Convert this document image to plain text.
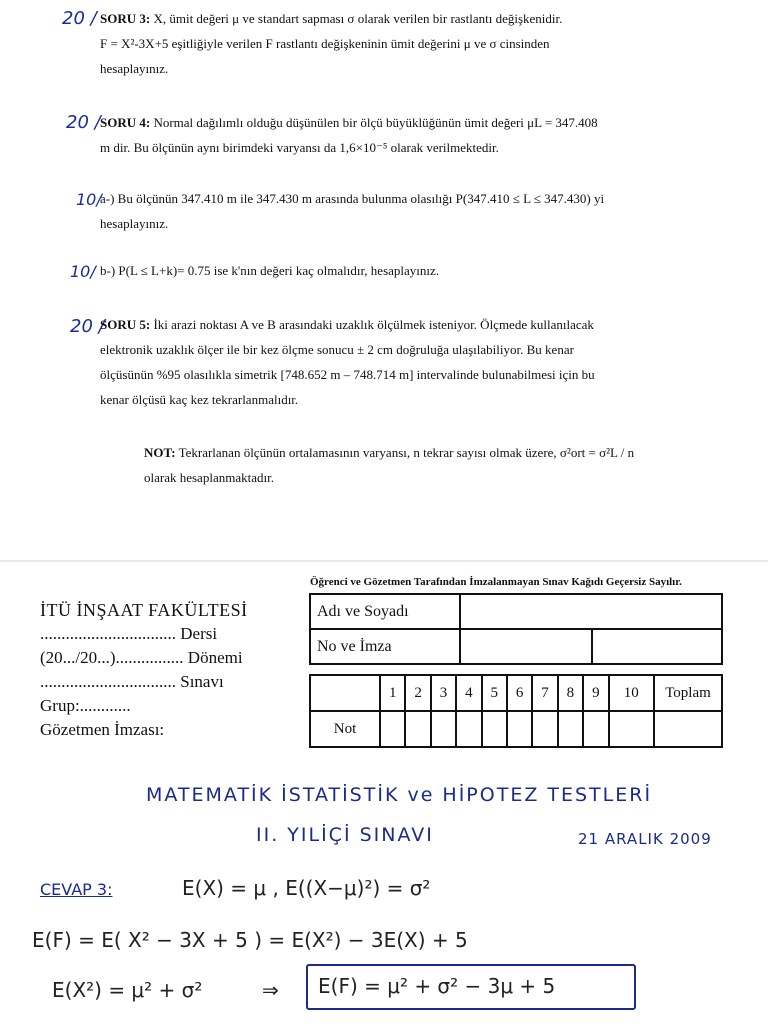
20 / SORU 3: X, ümit değeri μ ve standart sapması σ olarak verilen bir rastlantı değişkenidir.
F = X²-3X+5 eşitliğiyle verilen F rastlantı değişkeninin ümit değerini μ ve σ cinsinden
hesaplayınız.
20 / SORU 4: Normal dağılımlı olduğu düşünülen bir ölçü büyüklüğünün ümit değeri μL = 347.408
m dir. Bu ölçünün aynı birimdeki varyansı da 1,6×10⁻⁵ olarak verilmektedir.
10/
a-) Bu ölçünün 347.410 m ile 347.430 m arasında bulunma olasılığı P(347.410 ≤ L ≤ 347.430) yi
hesaplayınız.
10/ b-) P(L ≤ L+k)= 0.75 ise k'nın değeri kaç olmalıdır, hesaplayınız.
20 /
SORU 5: İki arazi noktası A ve B arasındaki uzaklık ölçülmek isteniyor. Ölçmede kullanılacak
elektronik uzaklık ölçer ile bir kez ölçme sonucu ± 2 cm doğruluğa ulaşılabiliyor. Bu kenar
ölçüsünün %95 olasılıkla simetrik [748.652 m – 748.714 m] intervalinde bulunabilmesi için bu
kenar ölçüsü kaç kez tekrarlanmalıdır.
NOT: Tekrarlanan ölçünün ortalamasının varyansı, n tekrar sayısı olmak üzere, σ²ort = σ²L / n
olarak hesaplanmaktadır.
İTÜ İNŞAAT FAKÜLTESİ
................................ Dersi
(20.../20...)................ Dönemi
................................ Sınavı
Grup:............
Gözetmen İmzası:
Öğrenci ve Gözetmen Tarafından İmzalanmayan Sınav Kağıdı Geçersiz Sayılır.
Adı ve Soyadı		
No ve İmza		
	1	2	3	4	5	6	7	8	9	10	Toplam
Not											
MATEMATİK İSTATİSTİK ve HİPOTEZ TESTLERİ
II. YILİÇİ SINAVI	21 ARALIK 2009
CEVAP 3:	E(X) = μ , E((X−μ)²) = σ²
E(F) = E( X² − 3X + 5 ) = E(X²) − 3E(X) + 5
E(X²) = μ² + σ²	⇒ E(F) = μ² + σ² − 3μ + 5
